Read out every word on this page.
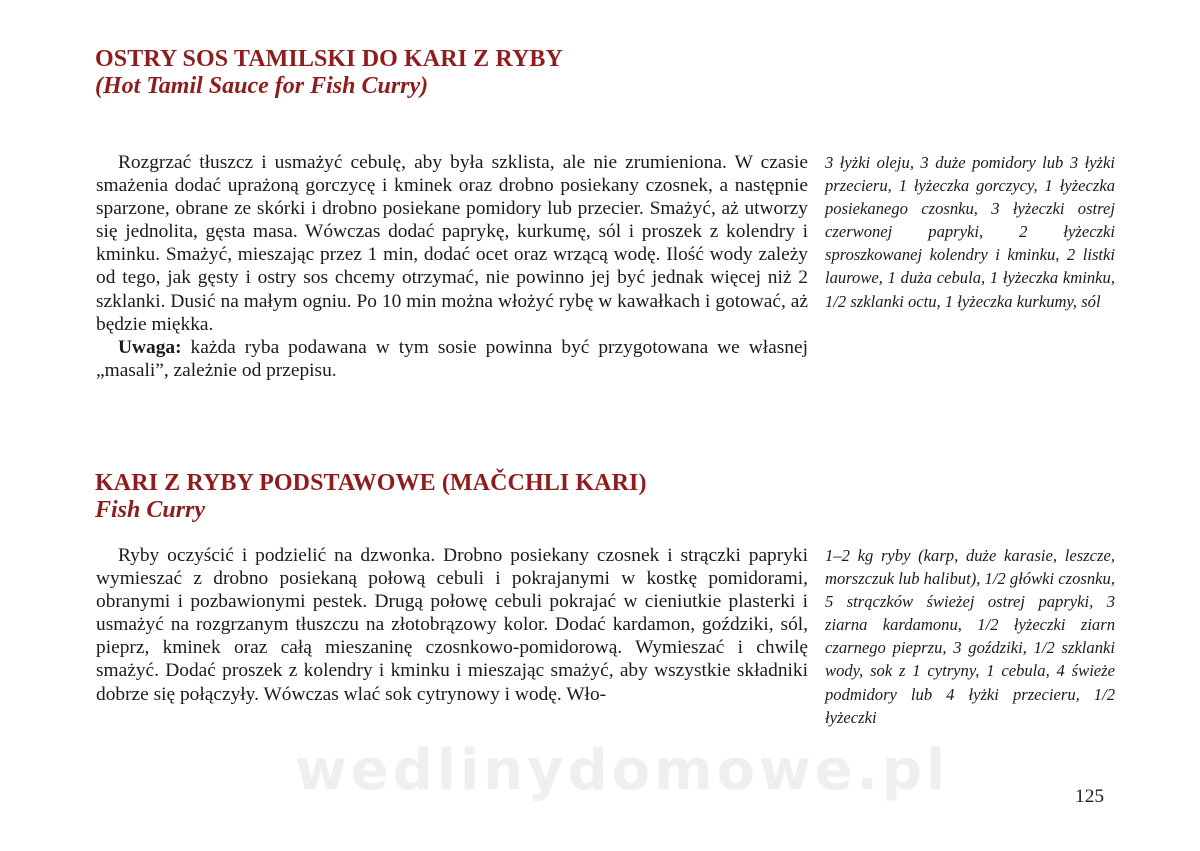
OSTRY SOS TAMILSKI DO KARI Z RYBY
(Hot Tamil Sauce for Fish Curry)

Rozgrzać tłuszcz i usmażyć cebulę, aby była szklista, ale nie zrumieniona. W czasie smażenia dodać uprażoną gorczycę i kminek oraz drobno posiekany czosnek, a następnie sparzone, obrane ze skórki i drobno posiekane pomidory lub przecier. Smażyć, aż utworzy się jednolita, gęsta masa. Wówczas dodać paprykę, kurkumę, sól i proszek z kolendry i kminku. Smażyć, mieszając przez 1 min, dodać ocet oraz wrzącą wodę. Ilość wody zależy od tego, jak gęsty i ostry sos chcemy otrzymać, nie powinno jej być jednak więcej niż 2 szklanki. Dusić na małym ogniu. Po 10 min można włożyć rybę w kawałkach i gotować, aż będzie miękka.

Uwaga: każda ryba podawana w tym sosie powinna być przygotowana we własnej „masali”, zależnie od przepisu.

3 łyżki oleju, 3 duże pomidory lub 3 łyżki przecieru, 1 łyżeczka gorczycy, 1 łyżeczka posiekanego czosnku, 3 łyżeczki ostrej czerwonej papryki, 2 łyżeczki sproszkowanej kolendry i kminku, 2 listki laurowe, 1 duża cebula, 1 łyżeczka kminku, 1/2 szklanki octu, 1 łyżeczka kurkumy, sól
KARI Z RYBY PODSTAWOWE (MAČCHLI KARI)
Fish Curry

Ryby oczyścić i podzielić na dzwonka. Drobno posiekany czosnek i strączki papryki wymieszać z drobno posiekaną połową cebuli i pokrajanymi w kostkę pomidorami, obranymi i pozbawionymi pestek. Drugą połowę cebuli pokrajać w cieniutkie plasterki i usmażyć na rozgrzanym tłuszczu na złotobrązowy kolor. Dodać kardamon, goździki, sól, pieprz, kminek oraz całą mieszaninę czosnkowo-pomidorową. Wymieszać i chwilę smażyć. Dodać proszek z kolendry i kminku i mieszając smażyć, aby wszystkie składniki dobrze się połączyły. Wówczas wlać sok cytrynowy i wodę. Wło-

1–2 kg ryby (karp, duże karasie, leszcze, morszczuk lub halibut), 1/2 główki czosnku, 5 strączków świeżej ostrej papryki, 3 ziarna kardamonu, 1/2 łyżeczki ziarn czarnego pieprzu, 3 goździki, 1/2 szklanki wody, sok z 1 cytryny, 1 cebula, 4 świeże podmidory lub 4 łyżki przecieru, 1/2 łyżeczki
wedlinydomowe.pl	125
